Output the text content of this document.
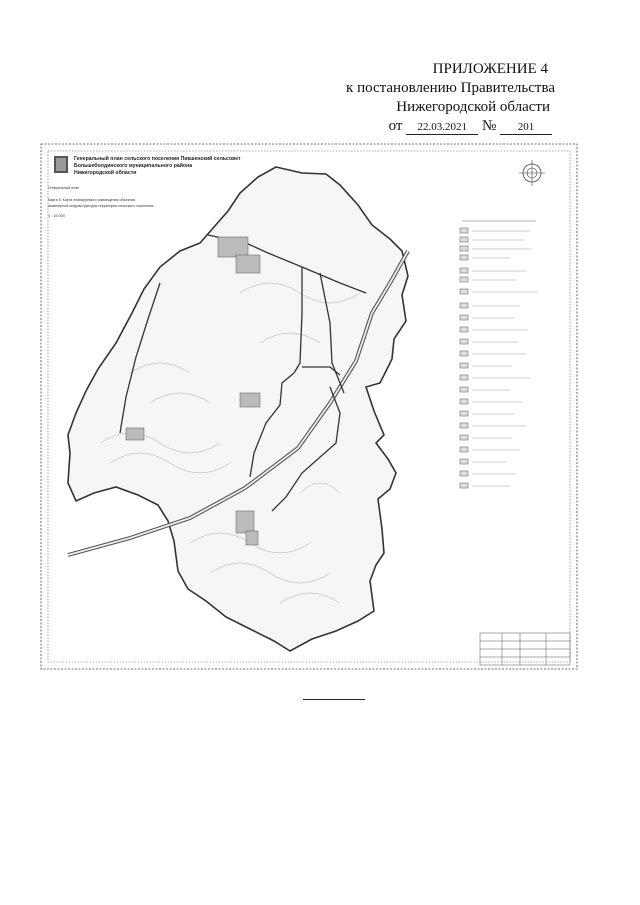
ПРИЛОЖЕНИЕ 4
к постановлению Правительства
Нижегородской области
от 22.03.2021 № 201
Генеральный план сельского поселения Пикшенский сельсовет
Большеболдинского муниципального района
Нижегородской области
Генеральный план
Карта 5. Карта планируемого размещения объектов
инженерной инфраструктуры территории сельского поселения
1 : 15 000
